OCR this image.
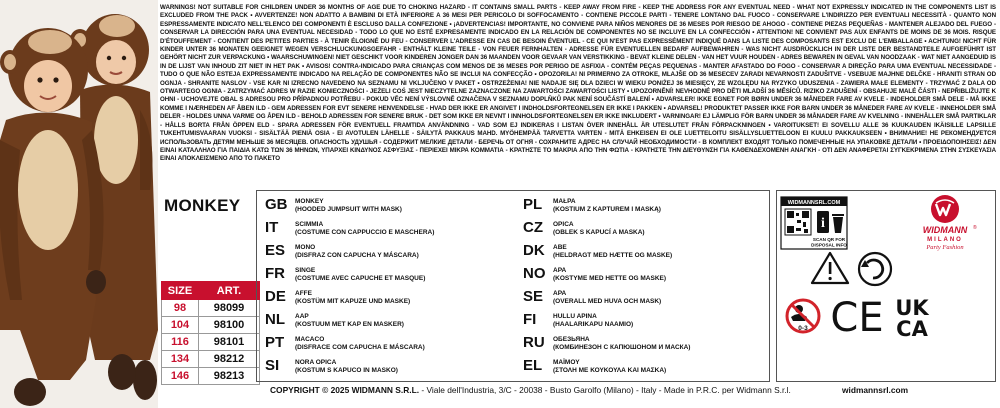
WARNINGS! NOT SUITABLE FOR CHILDREN UNDER 36 MONTHS OF AGE DUE TO CHOKING HAZARD - IT CONTAINS SMALL PARTS - KEEP AWAY FROM FIRE - KEEP THE ADDRESS FOR ANY EVENTUAL NEED - WHAT NOT EXPRESSLY INDICATED IN THE COMPONENTS LIST IS EXCLUDED FROM THE PACK • AVVERTENZE! NON ADATTO A BAMBINI DI ETÀ INFERIORE A 36 MESI PER PERICOLO DI SOFFOCAMENTO - CONTIENE PICCOLE PARTI - TENERE LONTANO DAL FUOCO - CONSERVARE L'INDIRIZZO PER EVENTUALI NECESSITÀ - QUANTO NON ESPRESSAMENTE INDICATO NELL'ELENCO DEI COMPONENTI È ESCLUSO DALLA CONFEZIONE • ¡ADVERTENCIAS! IMPORTANTE, NO CONVIENE PARA NIÑOS MENORES DE 36 MESES POR RIESGO DE AHOGO - CONTIENE PIEZAS PEQUEÑAS - MANTENER ALEJADO DEL FUEGO - CONSERVAR LA DIRECCIÓN PARA UNA EVENTUAL NECESIDAD - TODO LO QUE NO ESTÉ EXPRESAMENTE INDICADO EN LA RELACIÓN DE COMPONENTES NO SE INCLUYE EN LA CONFECCIÓN • ATTENTION! NE CONVIENT PAS AUX ENFANTS DE MOINS DE 36 MOIS. RISQUE D'ÉTOUFFEMENT - CONTIENT DES PETITES PARTIES - À TENIR ÉLOIGNÉ DU FEU - CONSERVER L'ADRESSE EN CAS DE BESOIN ÉVENTUEL - CE QUI N'EST PAS EXPRESSÉMENT INDIQUÉ DANS LA LISTE DES COMPOSANTS EST EXCLU DE L'EMBALLAGE • ACHTUNG! NICHT FÜR KINDER UNTER 36 MONATEN GEEIGNET WEGEN VERSCHLUCKUNGSGEFAHR - ENTHÄLT KLEINE TEILE - VON FEUER FERNHALTEN - ADRESSE FÜR EVENTUELLEN BEDARF AUFBEWAHREN - WAS NICHT AUSDRÜCKLICH IN DER LISTE DER BESTANDTEILE AUFGEFÜHRT IST GEHÖRT NICHT ZUR VERPACKUNG • WAARSCHUWINGEN! NIET GESCHIKT VOOR KINDEREN JONGER DAN 36 MAANDEN VOOR GEVAAR VAN VERSTIKKING - BEVAT KLEINE DELEN - VAN HET VUUR HOUDEN - ADRES BEWAREN IN GEVAL VAN NOODZAAK - WAT NIET AANGEDUID IS IN DE LIJST VAN INHOUD ZIT NIET IN HET PAK • AVISOS! CONTRA-INDICADO PARA CRIANÇAS COM MENOS DE 36 MESES POR PERIGO DE ASFIXIA - CONTÉM PEÇAS PEQUENAS - MANTER AFASTADO DO FOGO - CONSERVAR A DIREÇÃO PARA UMA EVENTUAL NECESSIDADE - TUDO O QUE NÃO ESTEJA EXPRESSAMENTE INDICADO NA RELAÇÃO DE COMPONENTES NÃO SE INCLUI NA CONFECÇÃO • OPOZORILA! NI PRIMERNO ZA OTROKE, MLAJŠE OD 36 MESECEV ZARADI NEVARNOSTI ZADUŠITVE - VSEBUJE MAJHNE DELČKE - HRANITI STRAN OD OGNJA - SHRANITE NASLOV - VSE KAR NI IZRECNO NAVEDENO NA SEZNAMU NI VKLJUČENO V PAKET • OSTRZEŻENIA! NIE NADAJE SIĘ DLA DZIECI W WIEKU PONIŻEJ 36 MIESIĘCY, ZE WZGLĘDU NA RYZYKO UDUSZENIA - ZAWIERA MAŁE ELEMENTY - TRZYMAĆ Z DALA OD OTWARTEGO OGNIA - ZATRZYMAĆ ADRES W RAZIE KONIECZNOŚCI - JEŻELI COŚ JEST NIECZYTELNE ZAZNACZONE NA ZAWARTOŚCI ZAWARTOŚCI LISTY • UPOZORNĚNÍ! NEVHODNÉ PRO DĚTI MLADŠÍ 36 MĚSÍCŮ. RIZIKO ZADUŠENÍ - OBSAHUJE MALÉ ČÁSTI - NEPŘIBLIŽUJTE K OHNI - UCHOVEJTE OBAL S ADRESOU PRO PŘÍPADNOU POTŘEBU - POKUD VĚC NENÍ VÝSLOVNĚ OZNAČENA V SEZNAMU DOPLŇKŮ PAK NENÍ SOUČÁSTÍ BALENÍ • ADVARSLER! IKKE EGNET FOR BØRN UNDER 36 MÅNEDER FARE AV KVELE - INDEHOLDER SMÅ DELE - MÅ IKKE KOMME I NÆRHEDEN AF ÅBEN ILD - GEM ADRESSEN FOR EVT SENERE HENVENDELSE - HVAD DER IKKE ER ANGIVET I INDHOLDSFORTEGNELSEN ER IKKE I PAKKEN • ADVARSEL! PRODUKTET PASSER IKKE FOR BARN UNDER 36 MÅNEDER FARE AV KVELE - INNEHOLDER SMÅ DELER - HOLDES UNNA VARME OG ÅPEN ILD - BEHOLD ADRESSEN FOR SENERE BRUK - DET SOM IKKE ER NEVNT I INNHOLDSFORTEGNELSEN ER IKKE INKLUDERT • VARNINGAR! EJ LÄMPLIG FÖR BARN UNDER 36 MÅNADER FARE AV KVELNING - INNEHÅLLER SMÅ PARTIKLAR - HÅLLS BORTA FRÅN ÖPPEN ELD - SPARA ADRESSEN FÖR EVENTUELL FRAMTIDA ANVÄNDNING - VAD SOM EJ INDIKERAS I LISTAN ÖVER INNEHÅLL ÄR UTESLUTET FRÅN FÖRPACKNINGEN • VAROITUKSET! EI SOVELLU ALLE 36 KUUKAUDEN IKÄISILLE LAPSILLE TUKEHTUMISVAARAN VUOKSI - SISÄLTÄÄ PIENIÄ OSIA - EI AVOTULEN LÄHELLE - SÄILYTÄ PAKKAUS MAHD. MYÖHEMPÄÄ TARVETTA VARTEN - MITÄ EHKEISEN EI OLE LUETTELOITU SISÄLLYSLUETTELOON EI KUULU PAKKAUKSEEN • ВНИМАНИЕ! НЕ РЕКОМЕНДУЕТСЯ ИСПОЛЬЗОВАТЬ ДЕТЯМ МЕНЬШЕ 36 МЕСЯЦЕВ. ОПАСНОСТЬ УДУШЬЯ - СОДЕРЖИТ МЕЛКИЕ ДЕТАЛИ - БЕРЕЧЬ ОТ ОГНЯ - СОХРАНИТЕ АДРЕС НА СЛУЧАЙ НЕОБХОДИМОСТИ - В КОМПЛЕКТ ВХОДЯТ ТОЛЬКО ПОМЕЧЕННЫЕ НА УПАКОВКЕ ДЕТАЛИ • ΠΡΟΕΙΔΟΠΟΙΗΣΕΙΣ! ΔΕΝ ΕΙΝΑΙ ΚΑΤΑΛΛΗΛΟ ΓΙΑ ΠΑΙΔΙΑ ΚΑΤΩ ΤΩΝ 36 ΜΗΝΩΝ, ΥΠΑΡΧΕΙ ΚΙΝΔΥΝΟΣ ΑΣΦΥΞΙΑΣ - ΠΕΡΙΕΧΕΙ ΜΙΚΡΑ ΚΟΜΜΑΤΙΑ - ΚΡΑΤΗΣΤΕ ΤΟ ΜΑΚΡΙΑ ΑΠΟ ΤΗΝ ΦΩΤΙΑ - ΚΡΑΤΗΣΤΕ ΤΗΝ ΔΙΕΥΘΥΝΣΗ ΓΙΑ ΚΑΘΕΝΔΕΧΟΜΕΝΗ ΑΝΑΓΚΗ - ΟΤΙ ΔΕΝ ΑΝΑΦΕΡΕΤΑΙ ΣΥΓΚΕΚΡΙΜΕΝΑ ΣΤΗΝ ΣΥΣΚΕΥΑΣΙΑ ΕΙΝΑΙ ΑΠΟΚΛΕΙΣΜΕΝΟ ΑΠΟ ΤΟ ΠΑΚΕΤΟ
MONKEY
SIZE	ART.
98	98099
104	98100
116	98101
134	98212
146	98213
GB	MONKEY
(HOODED JUMPSUIT WITH MASK)
IT	SCIMMIA
(COSTUME CON CAPPUCCIO E MASCHERA)
ES	MONO
(DISFRAZ CON CAPUCHA Y MÁSCARA)
FR	SINGE
(COSTUME AVEC CAPUCHE ET MASQUE)
DE	AFFE
(KOSTÜM MIT KAPUZE UND MASKE)
NL	AAP
(KOSTUUM MET KAP EN MASKER)
PT	MACACO
(DISFRACE COM CAPUCHA E MÁSCARA)
SI	NORA OPICA
(KOSTUM S KAPUCO IN MASKO)
PL	MAŁPA
(KOSTIUM Z KAPTUREM I MASKĄ)
CZ	OPICA
(OBLEK S KAPUCÍ A MASKA)
DK	ABE
(HELDRAGT MED HÆTTE OG MASKE)
NO	APA
(KOSTYME MED HETTE OG MASKE)
SE	APA
(OVERALL MED HUVA OCH MASK)
FI	HULLU APINA
(HAALARIKAPU NAAMIO)
RU	ОБЕЗЬЯНА
(КОМБИНЕЗОН С КАПЮШОНОМ И МАСКА)
EL	ΜΑΪΜΟΥ
(ΣΤΟΛΗ ΜΕ ΚΟΥΚΟΥΛΑ ΚΑΙ ΜΑΣΚΑ)
WIDMANNSRL.COM
i
SCAN QR FOR
DISPOSAL INFO
WIDMANN ®
MILANO
Party Fashion
0-3 CE UK
CA
COPYRIGHT © 2025 WIDMANN S.R.L. - Viale dell'Industria, 3/C - 20038 - Busto Garolfo (Milano) - Italy - Made in P.R.C. per Widmann S.r.l.	widmannsrl.com
